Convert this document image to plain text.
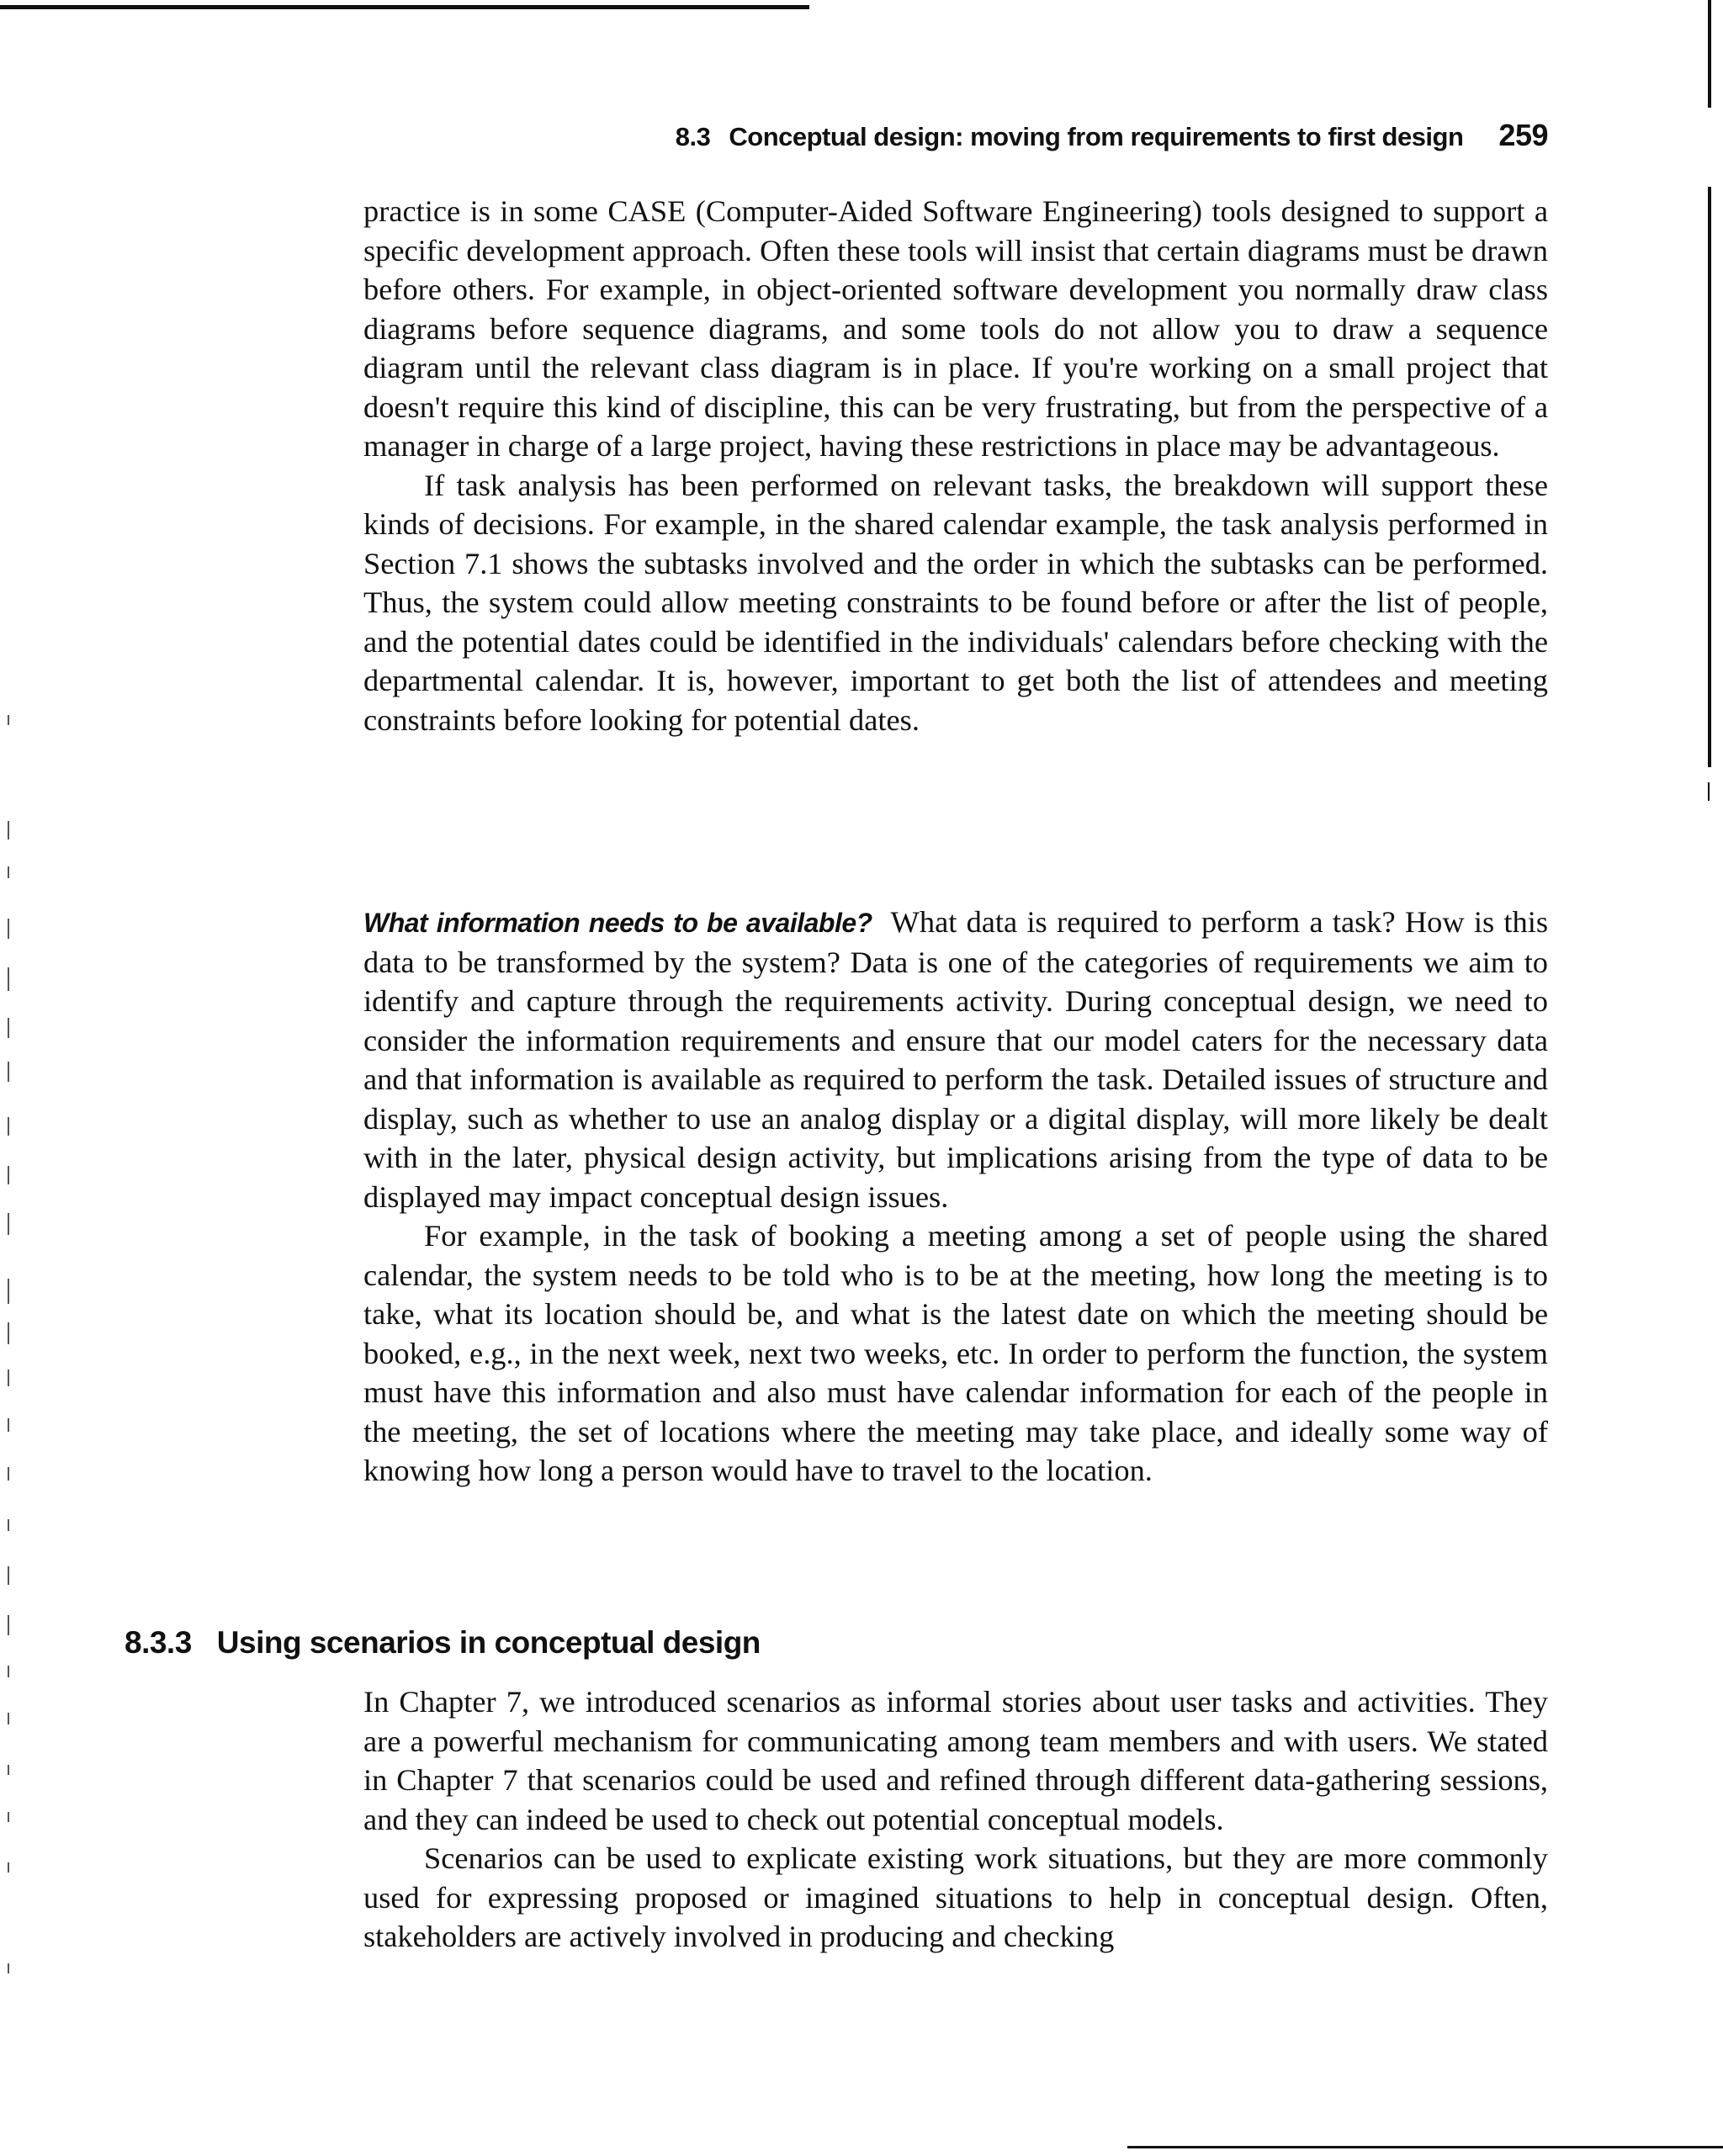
8.3 Conceptual design: moving from requirements to first design 259

practice is in some CASE (Computer-Aided Software Engineering) tools designed to support a specific development approach. Often these tools will insist that certain diagrams must be drawn before others. For example, in object-oriented software development you normally draw class diagrams before sequence diagrams, and some tools do not allow you to draw a sequence diagram until the relevant class diagram is in place. If you're working on a small project that doesn't require this kind of discipline, this can be very frustrating, but from the perspective of a manager in charge of a large project, having these restrictions in place may be advantageous.

If task analysis has been performed on relevant tasks, the breakdown will support these kinds of decisions. For example, in the shared calendar example, the task analysis performed in Section 7.1 shows the subtasks involved and the order in which the subtasks can be performed. Thus, the system could allow meeting constraints to be found before or after the list of people, and the potential dates could be identified in the individuals' calendars before checking with the departmental calendar. It is, however, important to get both the list of attendees and meeting constraints before looking for potential dates.

What information needs to be available? What data is required to perform a task? How is this data to be transformed by the system? Data is one of the categories of requirements we aim to identify and capture through the requirements activity. During conceptual design, we need to consider the information requirements and ensure that our model caters for the necessary data and that information is available as required to perform the task. Detailed issues of structure and display, such as whether to use an analog display or a digital display, will more likely be dealt with in the later, physical design activity, but implications arising from the type of data to be displayed may impact conceptual design issues.

For example, in the task of booking a meeting among a set of people using the shared calendar, the system needs to be told who is to be at the meeting, how long the meeting is to take, what its location should be, and what is the latest date on which the meeting should be booked, e.g., in the next week, next two weeks, etc. In order to perform the function, the system must have this information and also must have calendar information for each of the people in the meeting, the set of locations where the meeting may take place, and ideally some way of knowing how long a person would have to travel to the location.

8.3.3 Using scenarios in conceptual design

In Chapter 7, we introduced scenarios as informal stories about user tasks and activities. They are a powerful mechanism for communicating among team members and with users. We stated in Chapter 7 that scenarios could be used and refined through different data-gathering sessions, and they can indeed be used to check out potential conceptual models.

Scenarios can be used to explicate existing work situations, but they are more commonly used for expressing proposed or imagined situations to help in conceptual design. Often, stakeholders are actively involved in producing and checking
